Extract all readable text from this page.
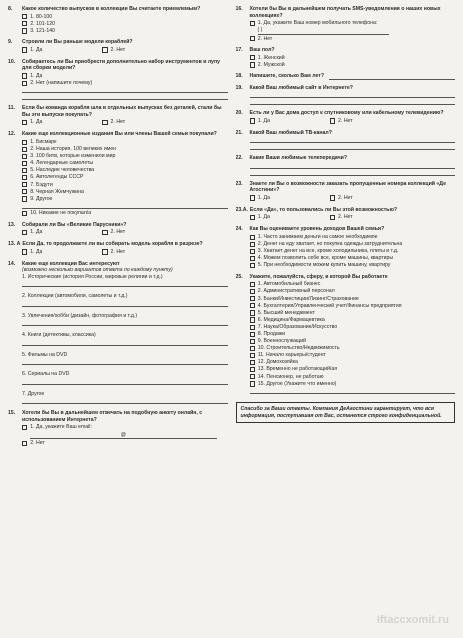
8.	Какое количество выпусков в коллекции Вы считаете приемлемым?
1. 80-100
2. 101-120
3. 121-140
9.	Строили ли Вы раньше модели кораблей?
1. Да	2. Нет
10.	Собираетесь ли Вы приобрести дополнительно набор инструментов и лупу для сборки модели?
1. Да
2. Нет (напишите почему)
11.	Если бы команда корабля шла в отдельных выпусках без деталей, стали бы Вы эти выпуски покупать?
1. Да	2. Нет
12.	Какие еще коллекционные издания Вы или члены Вашей семьи покупали?
1. Бисмарк
2. Наша история. 100 великих имен
3. 100 битв, которые изменили мир
4. Легендарные самолеты
5. Наследие человечества
6. Автолегенды СССР
7. Бэдути
8. Черная Жемчужина
9. Другое
10. Никакие не покупал/а
13.	Собирали ли Вы «Великие Парусники»?
1. Да	2. Нет
13. А Если Да, то продолжаете ли вы собирать модель корабля в разрезе?
1. Да	2. Нет
14.	Какие еще коллекции Вас интересуют
(возможно несколько вариантов ответа по каждому пункту)
1. Исторические (история России, мировые религии и т.д.)
2. Коллекции (автомобили, самолеты и т.д.)
3. Увлечения/хобби (дизайн, фотография и т.д.)
4. Книги (детективы, классика)
5. Фильмы на DVD
6. Сериалы на DVD
7. Другое
15.	Хотели бы Вы в дальнейшем отвечать на подобную анкету онлайн, с использованием Интернета?
1. Да, укажите Ваш email:
@
2. Нет
16.	Хотели бы Вы в дальнейшем получать SMS-уведомления о наших новых коллекциях?
1. Да, укажите Ваш номер мобильного телефона:
( )
2. Нет
17.	Ваш пол?
1. Женский
2. Мужской
18.	Напишите, сколько Вам лет?
19.	Какой Ваш любимый сайт в Интернете?
20.	Есть ли у Вас дома доступ к спутниковому или кабельному телевидению?
1. Да	2. Нет
21.	Какой Ваш любимый ТВ-канал?
22.	Какие Ваши любимые телепередачи?
23.	Знаете ли Вы о возможности заказать пропущенные номера коллекций «Де Агостини»?
1. Да	2. Нет
23.А. Если «Да», то пользовались ли Вы этой возможностью?
1. Да	2. Нет
24.	Как Вы оцениваете уровень доходов Вашей семьи?
1. Часто занимаем деньги на самое необходимое
2. Денег на еду хватает, но покупка одежды затруднительна
3. Хватает денег на все, кроме холодильника, плиты и т.д.
4. Можем позволить себе все, кроме машины, квартиры
5. При необходимости можем купить машину, квартиру
25.	Укажите, пожалуйста, сферу, в которой Вы работаете
1. Автомобильный бизнес
2. Административный персонал
3. Банки/Инвестиции/Лизинг/Страхование
4. Бухгалтерия/Управленческий учет/Финансы предприятия
5. Высший менеджмент
6. Медицина/Фармацевтика
7. Наука/Образование/Искусство
8. Продажи
9. Военнослужащий
10. Строительство/Недвижимость
11. Начало карьеры/студент
12. Домохозяйка
13. Временно не работающий/ая
14. Пенсионер, не работаю
15. Другое (Укажите что именно)
Спасибо за Ваши ответы. Компания ДеАгостини гарантирует, что вся информация, поступившая от Вас, останется строго конфиденциальной.
Iftaccxomit.ru
